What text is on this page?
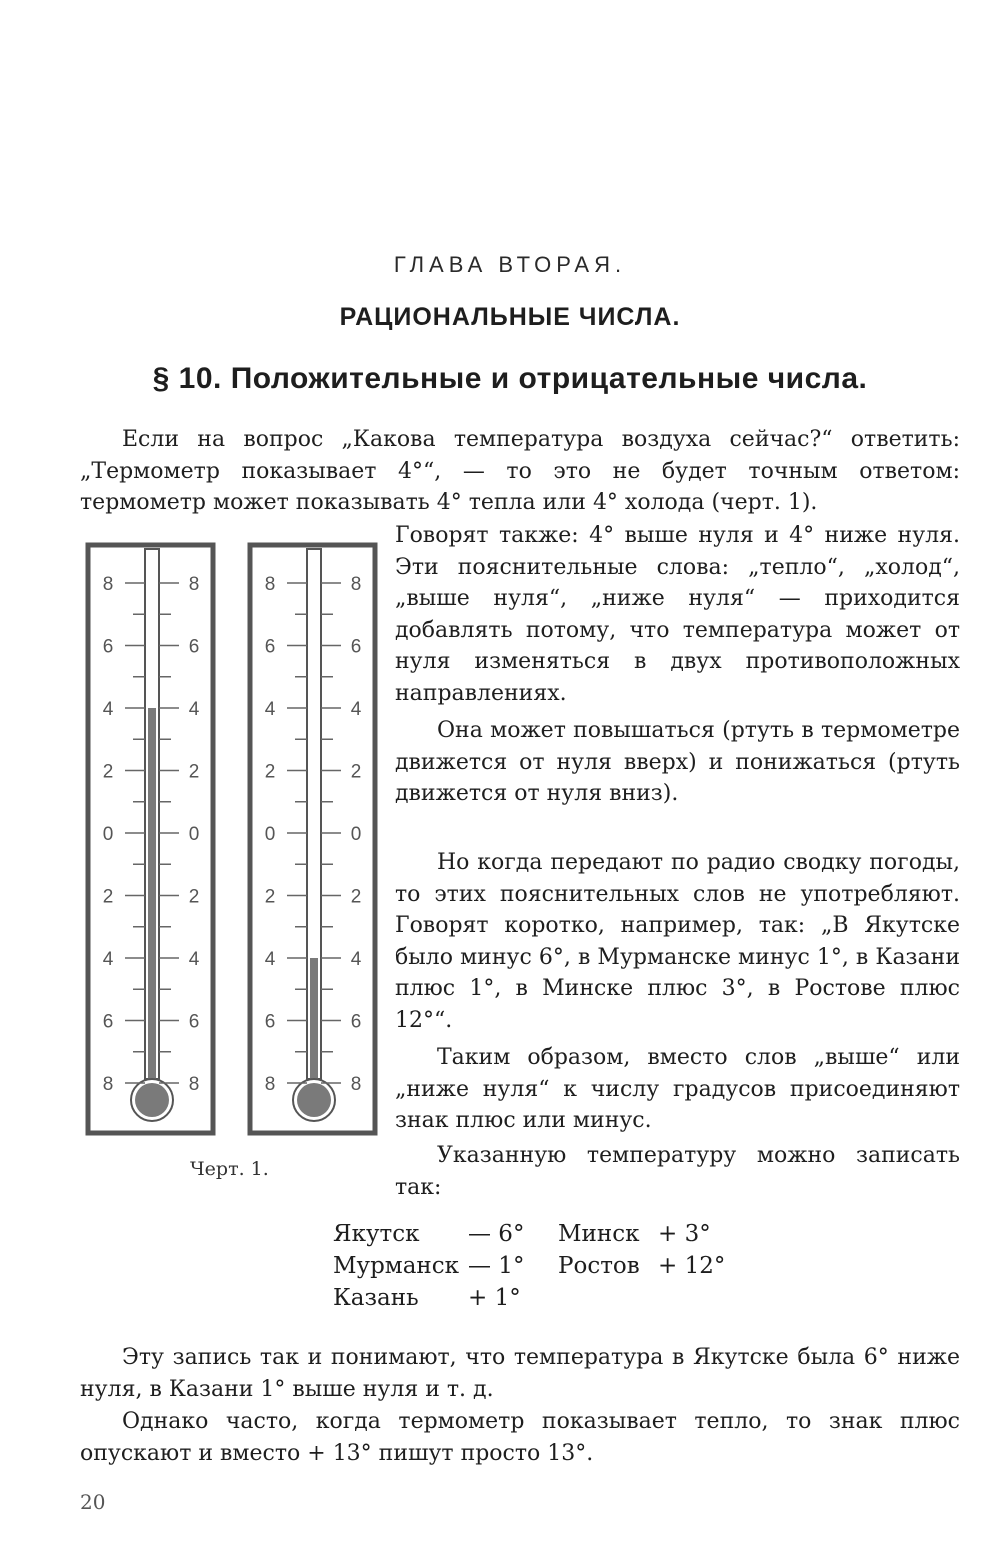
ГЛАВА ВТОРАЯ.
РАЦИОНАЛЬНЫЕ ЧИСЛА.
§ 10. Положительные и отрицательные числа.
Если на вопрос „Какова температура воздуха сейчас?“ ответить: „Термометр показывает 4°“, — то это не будет точным ответом: термометр может показывать 4° тепла или 4° холода (черт. 1).
8	8
6	6
4	4
2	2
0	0
2	2
4	4
6	6
8	8
8	8
6	6
4	4
2	2
0	0
2	2
4	4
6	6
8	8
Черт. 1.
Говорят также: 4° выше нуля и 4° ниже нуля. Эти пояснительные слова: „тепло“, „холод“, „выше нуля“, „ниже нуля“ — приходится добавлять потому, что температура может от нуля изменяться в двух противоположных направлениях.
Она может повышаться (ртуть в термометре движется от нуля вверх) и понижаться (ртуть движется от нуля вниз).
Но когда передают по радио сводку погоды, то этих пояснительных слов не употребляют. Говорят коротко, например, так: „В Якутске было минус 6°, в Мурманске минус 1°, в Казани плюс 1°, в Минске плюс 3°, в Ростове плюс 12°“.
Таким образом, вместо слов „выше“ или „ниже нуля“ к числу градусов присоединяют знак плюс или минус.
Указанную температуру можно записать так:
Якутск — 6° Минск + 3°
Мурманск — 1° Ростов + 12°
Казань + 1°
Эту запись так и понимают, что температура в Якутске была 6° ниже нуля, в Казани 1° выше нуля и т. д.
Однако часто, когда термометр показывает тепло, то знак плюс опускают и вместо + 13° пишут просто 13°.
20
